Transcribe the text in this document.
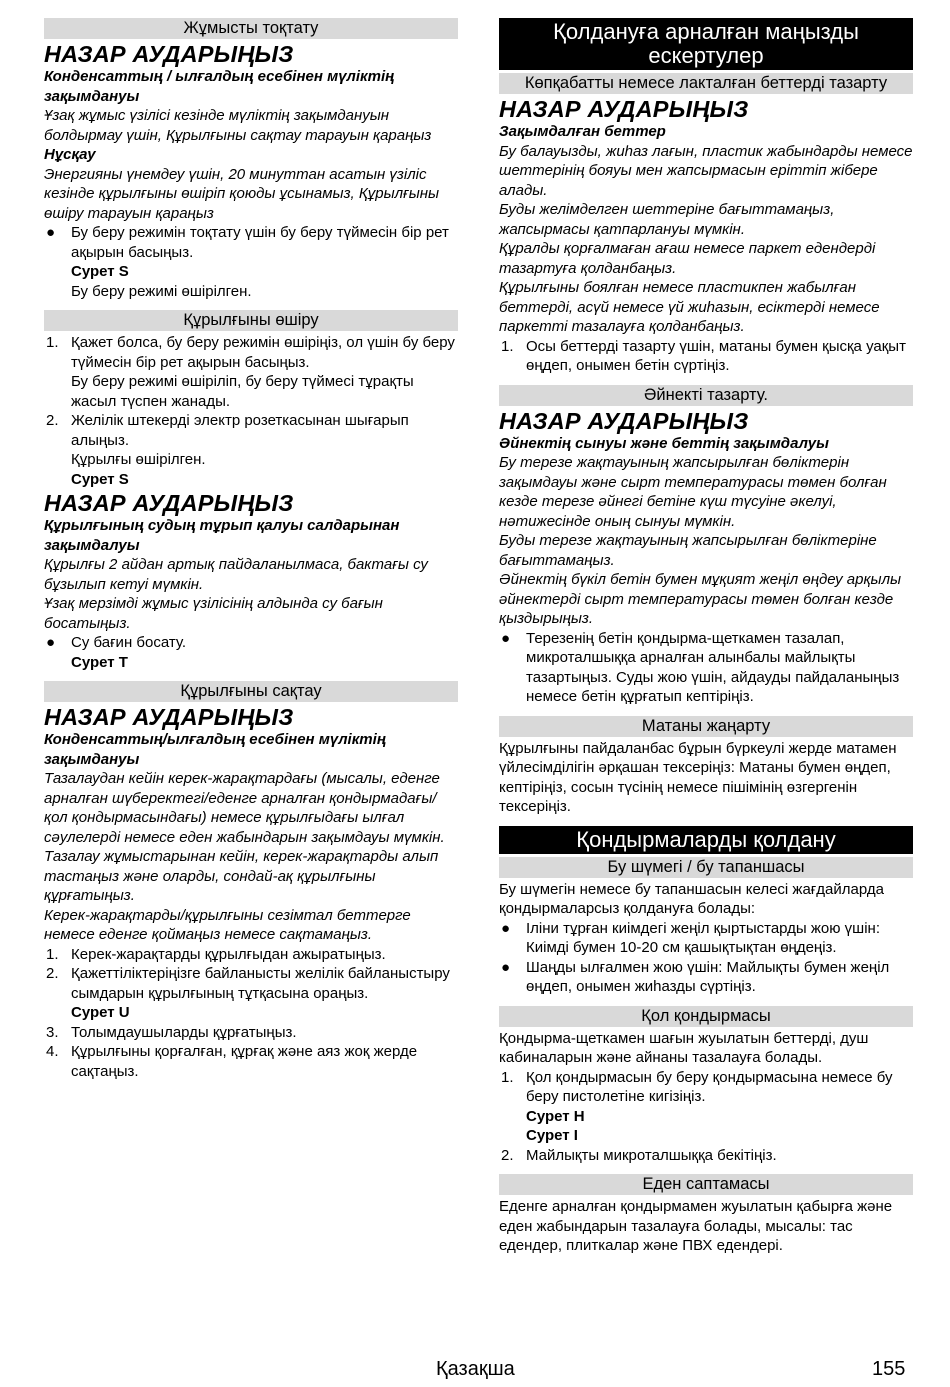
Жұмысты тоқтату
НАЗАР АУДАРЫҢЫЗ

Конденсаттың / ылғалдың есебінен мүліктің зақымдануы

Ұзақ жұмыс үзілісі кезінде мүліктің зақымдануын болдырмау үшін, Құрылғыны сақтау тарауын қараңыз

Нұсқау

Энергияны үнемдеу үшін, 20 минуттан асатын үзіліс кезінде құрылғыны өшіріп қоюды ұсынамыз, Құрылғыны өшіру тарауын қараңыз

● Бу беру режимін тоқтату үшін бу беру түймесін бір рет ақырын басыңыз.
Сурет S
Бу беру режимі өшірілген.
Құрылғыны өшіру
1. Қажет болса, бу беру режимін өшіріңіз, ол үшін бу беру түймесін бір рет ақырын басыңыз.
Бу беру режимі өшіріліп, бу беру түймесі тұрақты жасыл түспен жанады.
2. Желілік штекерді электр розеткасынан шығарып алыңыз.
Құрылғы өшірілген.
Сурет S
НАЗАР АУДАРЫҢЫЗ

Құрылғының судың тұрып қалуы салдарынан зақымдалуы

Құрылғы 2 айдан артық пайдаланылмаса, бактағы су бұзылып кетуі мүмкін.

Ұзақ мерзімді жұмыс үзілісінің алдында су бағын босатыңыз.

● Су бағин босату.
Сурет T
Құрылғыны сақтау
НАЗАР АУДАРЫҢЫЗ

Конденсаттың/ылғалдың есебінен мүліктің зақымдануы

Тазалаудан кейін керек-жарақтардағы (мысалы, еденге арналған шүберектегі/еденге арналған қондырмадағы/қол қондырмасындағы) немесе құрылғыдағы ылғал сәулелерді немесе еден жабындарын зақымдауы мүмкін.

Тазалау жұмыстарынан кейін, керек-жарақтарды алып тастаңыз және оларды, сондай-ақ құрылғыны құрғатыңыз.

Керек-жарақтарды/құрылғыны сезімтал беттерге немесе еденге қоймаңыз немесе сақтамаңыз.

1. Керек-жарақтарды құрылғыдан ажыратыңыз.
2. Қажеттіліктеріңізге байланысты желілік байланыстыру сымдарын құрылғының тұтқасына ораңыз.
Сурет U
3. Толымдаушыларды құрғатыңыз.
4. Құрылғыны қорғалған, құрғақ және аяз жоқ жерде сақтаңыз.
Қолдануға арналған маңызды ескертулер
Көпқабатты немесе лакталған беттерді тазарту
НАЗАР АУДАРЫҢЫЗ

Зақымдалған беттер

Бу балауызды, жиһаз лағын, пластик жабындарды немесе шеттерінің бояуы мен жапсырмасын еріттіп жібере алады.

Буды желімделген шеттеріне бағыттамаңыз, жапсырмасы қатпарлануы мүмкін.

Құралды қорғалмаған ағаш немесе паркет едендерді тазартуға қолданбаңыз.

Құрылғыны боялған немесе пластикпен жабылған беттерді, асүй немесе үй жиhазын, есіктерді немесе паркетті тазалауға қолданбаңыз.

1. Осы беттерді тазарту үшін, матаны бумен қысқа уақыт өңдеп, онымен бетін сүртіңіз.
Әйнекті тазарту.
НАЗАР АУДАРЫҢЫЗ

Әйнектің сынуы және беттің зақымдалуы

Бу терезе жақтауының жапсырылған бөліктерін зақымдауы және сырт температурасы төмен болған кезде терезе әйнегі бетіне күш түсуіне әкелуі, нәтижесінде оның сынуы мүмкін.

Буды терезе жақтауының жапсырылған бөліктеріне бағыттамаңыз.

Әйнектің бүкіл бетін бумен мұқият жеңіл өңдеу арқылы әйнектерді сырт температурасы төмен болған кезде қыздырыңыз.

● Терезенің бетін қондырма-щеткамен тазалап, микроталшыққа арналған алынбалы майлықты тазартыңыз. Суды жою үшін, айдауды пайдаланыңыз немесе бетін құрғатып кептіріңіз.
Матаны жаңарту

Құрылғыны пайдаланбас бұрын бүркеулі жерде матамен үйлесімділігін әрқашан тексеріңіз: Матаны бумен өңдеп, кептіріңіз, сосын түсінің немесе пішімінің өзгергенін тексеріңіз.

Қондырмаларды қолдану
Бу шүмегі / бу тапаншасы

Бу шүмегін немесе бу тапаншасын келесі жағдайларда қондырмаларсыз қолдануға болады:

● Іліни тұрған киімдегі жеңіл қыртыстарды жою үшін: Киімді бумен 10-20 см қашықтықтан өңдеңіз.
● Шаңды ылғалмен жою үшін: Майлықты бумен жеңіл өңдеп, онымен жиhазды сүртіңіз.
Қол қондырмасы

Қондырма-щеткамен шағын жуылатын беттерді, душ кабиналарын және айнаны тазалауға болады.

1. Қол қондырмасын бу беру қондырмасына немесе бу беру пистолетіне кигізіңіз.
Сурет H
Сурет I
2. Майлықты микроталшыққа бекітіңіз.
Еден саптамасы

Еденге арналған қондырмамен жуылатын қабырға және еден жабындарын тазалауға болады, мысалы: тас едендер, плиткалар және ПВХ едендері.

Қазақша	155
